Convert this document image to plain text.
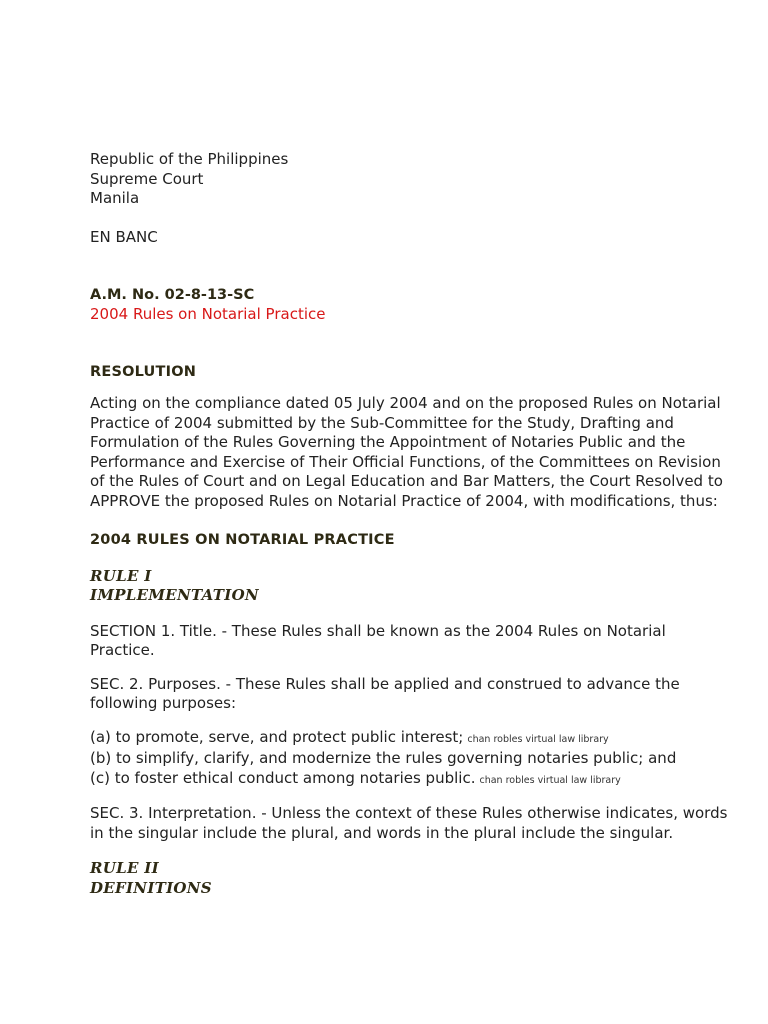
Republic of the Philippines
Supreme Court
Manila
EN BANC
A.M. No. 02-8-13-SC
2004 Rules on Notarial Practice
RESOLUTION
Acting on the compliance dated 05 July 2004 and on the proposed Rules on Notarial Practice of 2004 submitted by the Sub-Committee for the Study, Drafting and Formulation of the Rules Governing the Appointment of Notaries Public and the Performance and Exercise of Their Official Functions, of the Committees on Revision of the Rules of Court and on Legal Education and Bar Matters, the Court Resolved to APPROVE the proposed Rules on Notarial Practice of 2004, with modifications, thus:
2004 RULES ON NOTARIAL PRACTICE
RULE I
IMPLEMENTATION
SECTION 1. Title. - These Rules shall be known as the 2004 Rules on Notarial Practice.
SEC. 2. Purposes. - These Rules shall be applied and construed to advance the following purposes:
(a) to promote, serve, and protect public interest; chan robles virtual law library
(b) to simplify, clarify, and modernize the rules governing notaries public; and
(c) to foster ethical conduct among notaries public. chan robles virtual law library
SEC. 3. Interpretation. - Unless the context of these Rules otherwise indicates, words in the singular include the plural, and words in the plural include the singular.
RULE II
DEFINITIONS
